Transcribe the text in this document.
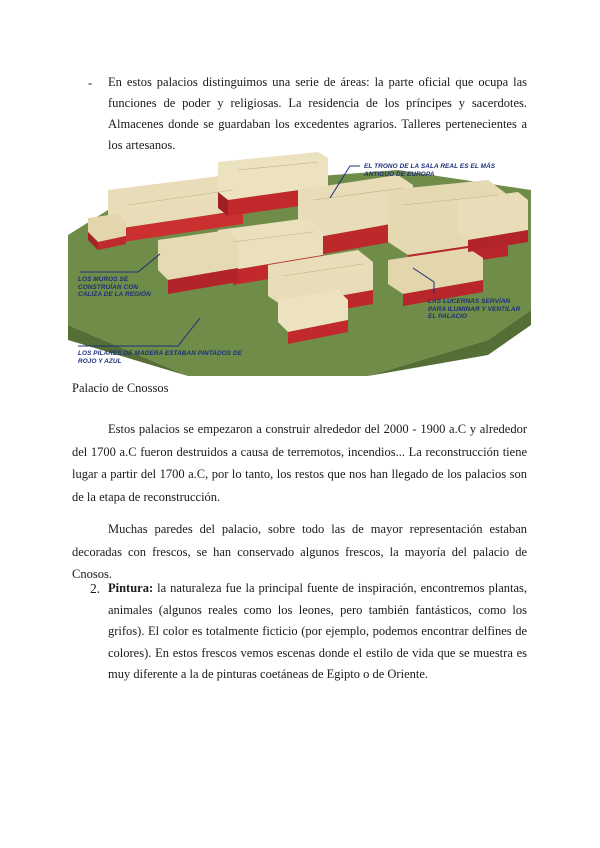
- En estos palacios distinguimos una serie de áreas: la parte oficial que ocupa las funciones de poder y religiosas. La residencia de los príncipes y sacerdotes. Almacenes donde se guardaban los excedentes agrarios. Talleres pertenecientes a los artesanos.
EL TRONO DE LA SALA REAL ES EL MÁS ANTIGUO DE EUROPA
LOS MUROS SE CONSTRUÍAN CON CALIZA DE LA REGIÓN
LAS LUCERNAS SERVÍAN PARA ILUMINAR Y VENTILAR EL PALACIO
LOS PILARES DE MADERA ESTABAN PINTADOS DE ROJO Y AZUL
Palacio de Cnossos
Estos palacios se empezaron a construir alrededor del 2000 - 1900 a.C y alrededor del 1700 a.C fueron destruidos a causa de terremotos, incendios... La reconstrucción tiene lugar a partir del 1700 a.C, por lo tanto, los restos que nos han llegado de los palacios son de la etapa de reconstrucción.
Muchas paredes del palacio, sobre todo las de mayor representación estaban decoradas con frescos, se han conservado algunos frescos, la mayoría del palacio de Cnosos.
2. Pintura: la naturaleza fue la principal fuente de inspiración, encontremos plantas, animales (algunos reales como los leones, pero también fantásticos, como los grifos). El color es totalmente ficticio (por ejemplo, podemos encontrar delfines de colores). En estos frescos vemos escenas donde el estilo de vida que se muestra es muy diferente a la de pinturas coetáneas de Egipto o de Oriente.
